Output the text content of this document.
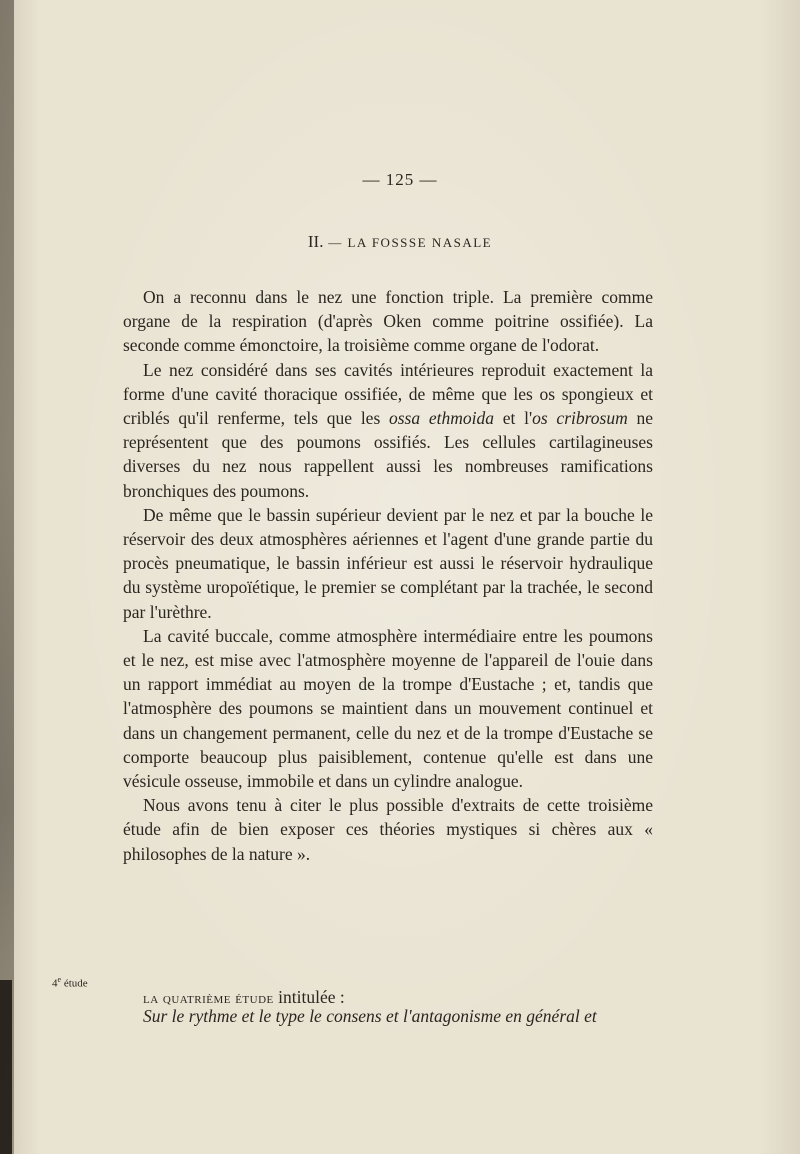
— 125 —
II. — LA FOSSSE NASALE

On a reconnu dans le nez une fonction triple. La première comme organe de la respiration (d'après Oken comme poitrine ossifiée). La seconde comme émonctoire, la troisième comme organe de l'odorat.

Le nez considéré dans ses cavités intérieures reproduit exactement la forme d'une cavité thoracique ossifiée, de même que les os spongieux et criblés qu'il renferme, tels que les ossa ethmoida et l'os cribrosum ne représentent que des poumons ossifiés. Les cellules cartilagineuses diverses du nez nous rappellent aussi les nombreuses ramifications bronchiques des poumons.

De même que le bassin supérieur devient par le nez et par la bouche le réservoir des deux atmosphères aériennes et l'agent d'une grande partie du procès pneumatique, le bassin inférieur est aussi le réservoir hydraulique du système uropoïétique, le premier se complétant par la trachée, le second par l'urèthre.

La cavité buccale, comme atmosphère intermédiaire entre les poumons et le nez, est mise avec l'atmosphère moyenne de l'appareil de l'ouie dans un rapport immédiat au moyen de la trompe d'Eustache ; et, tandis que l'atmosphère des poumons se maintient dans un mouvement continuel et dans un changement permanent, celle du nez et de la trompe d'Eustache se comporte beaucoup plus paisiblement, contenue qu'elle est dans une vésicule osseuse, immobile et dans un cylindre analogue.

Nous avons tenu à citer le plus possible d'extraits de cette troisième étude afin de bien exposer ces théories mystiques si chères aux « philosophes de la nature ».

4e étude
la quatrième étude intitulée :
Sur le rythme et le type le consens et l'antagonisme en général et
